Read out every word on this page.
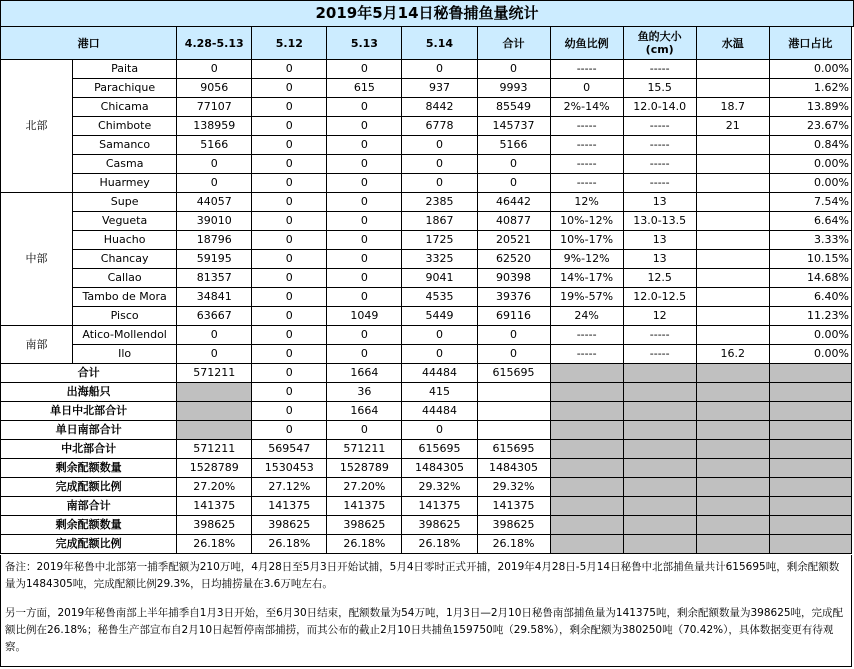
2019年5月14日秘鲁捕鱼量统计
港口		4.28-5.13	5.12	5.13	5.14	合计	幼鱼比例	鱼的大小
(cm)	水温	港口占比
北部	Paita	0	0	0	0	0	-----	-----		0.00%
	Parachique	9056	0	615	937	9993	0	15.5		1.62%
	Chicama	77107	0	0	8442	85549	2%-14%	12.0-14.0	18.7	13.89%
	Chimbote	138959	0	0	6778	145737	-----	-----	21	23.67%
	Samanco	5166	0	0	0	5166	-----	-----		0.84%
	Casma	0	0	0	0	0	-----	-----		0.00%
	Huarmey	0	0	0	0	0	-----	-----		0.00%
中部	Supe	44057	0	0	2385	46442	12%	13		7.54%
	Vegueta	39010	0	0	1867	40877	10%-12%	13.0-13.5		6.64%
	Huacho	18796	0	0	1725	20521	10%-17%	13		3.33%
	Chancay	59195	0	0	3325	62520	9%-12%	13		10.15%
	Callao	81357	0	0	9041	90398	14%-17%	12.5		14.68%
	Tambo de Mora	34841	0	0	4535	39376	19%-57%	12.0-12.5		6.40%
	Pisco	63667	0	1049	5449	69116	24%	12		11.23%
南部	Atico-Mollendol	0	0	0	0	0	-----	-----		0.00%
	Ilo	0	0	0	0	0	-----	-----	16.2	0.00%
合计		571211	0	1664	44484	615695				
出海船只			0	36	415					
单日中北部合计			0	1664	44484					
单日南部合计			0	0	0					
中北部合计		571211	569547	571211	615695	615695				
剩余配额数量		1528789	1530453	1528789	1484305	1484305				
完成配额比例		27.20%	27.12%	27.20%	29.32%	29.32%				
南部合计		141375	141375	141375	141375	141375				
剩余配额数量		398625	398625	398625	398625	398625				
完成配额比例		26.18%	26.18%	26.18%	26.18%	26.18%				

备注：2019年秘鲁中北部第一捕季配额为210万吨，4月28日至5月3日开始试捕，5月4日零时正式开捕，2019年4月28日-5月14日秘鲁中北部捕鱼量共计615695吨，剩余配额数量为1484305吨，完成配额比例29.3%，日均捕捞量在3.6万吨左右。

另一方面，2019年秘鲁南部上半年捕季自1月3日开始，至6月30日结束，配额数量为54万吨，1月3日—2月10日秘鲁南部捕鱼量为141375吨，剩余配额数量为398625吨，完成配额比例在26.18%；秘鲁生产部宣布自2月10日起暂停南部捕捞，而其公布的截止2月10日共捕鱼159750吨（29.58%），剩余配额为380250吨（70.42%），具体数据变更有待观察。
